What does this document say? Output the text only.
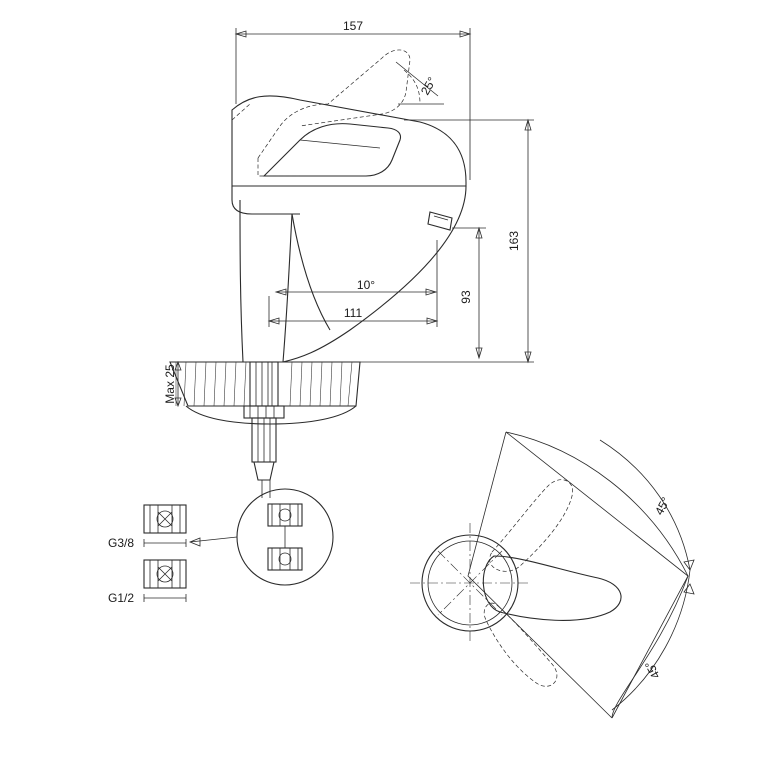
G3/8
G1/2
157
163
93
111
Max 25
25°
10°
45°
45°
